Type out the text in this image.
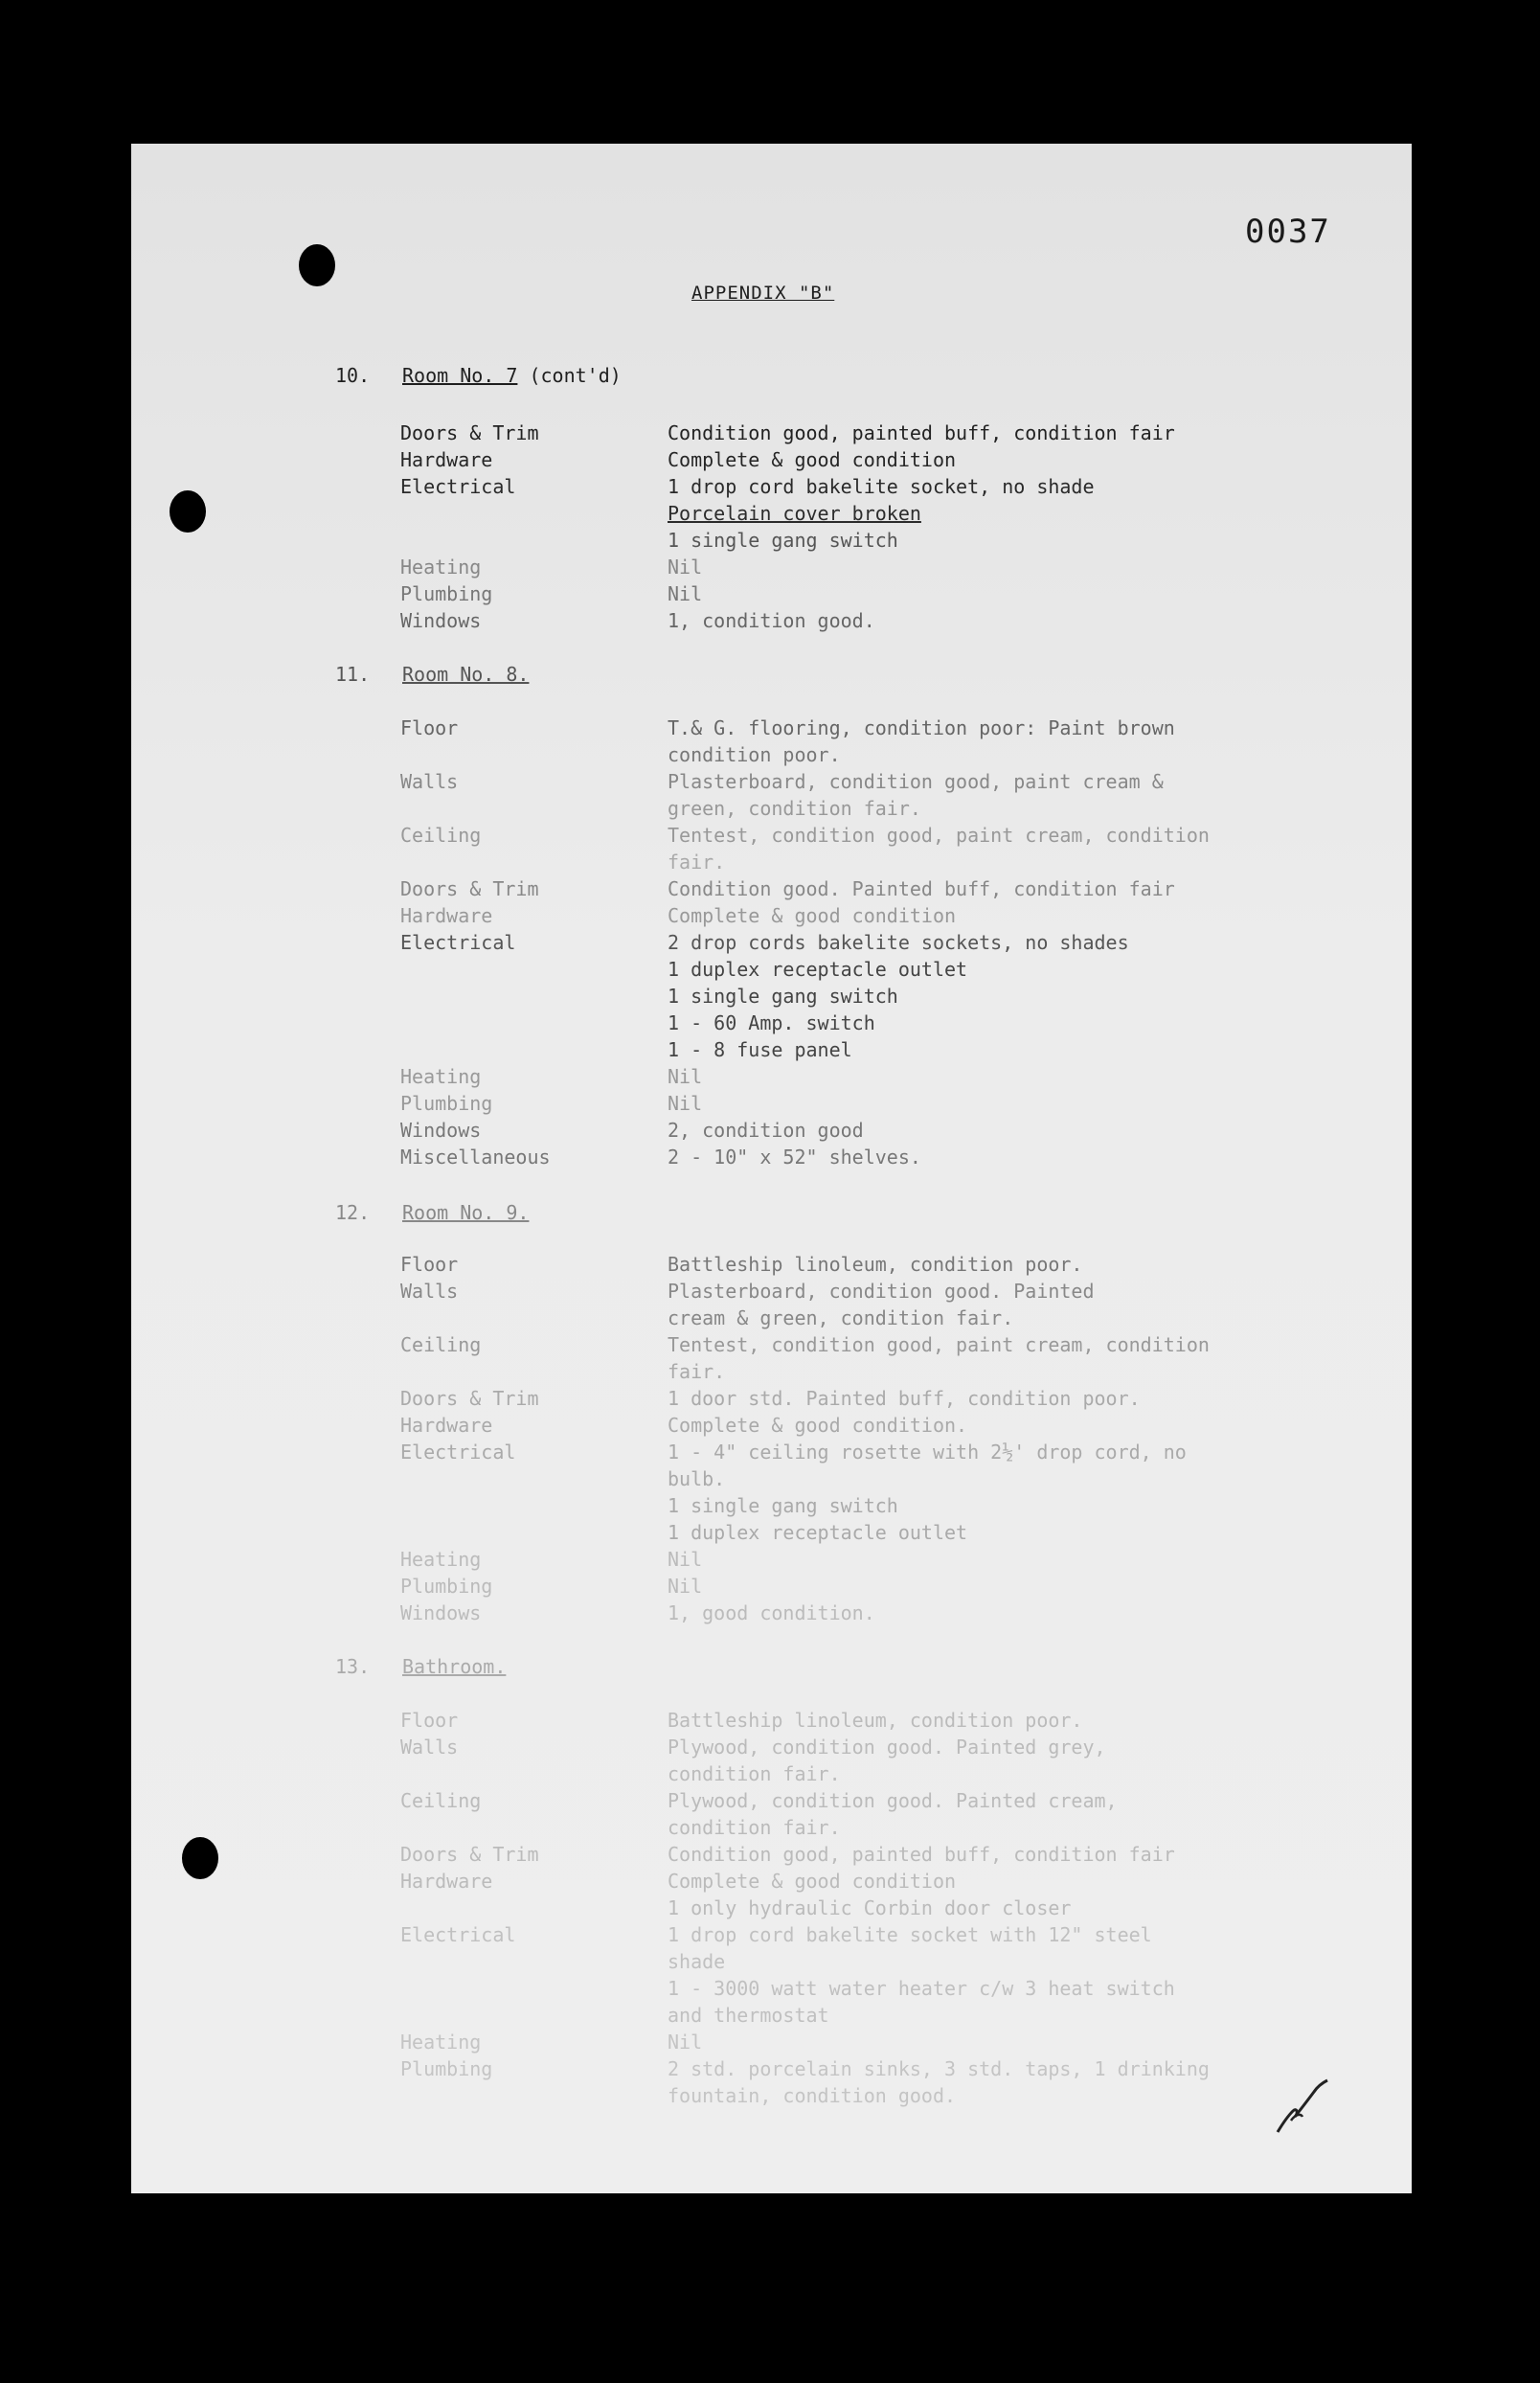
0037
APPENDIX "B"
10. Room No. 7 (cont'd)
Doors & Trim	Condition good, painted buff, condition fair
Hardware	Complete & good condition
Electrical	1 drop cord bakelite socket, no shade
Porcelain cover broken
1 single gang switch
Heating	Nil
Plumbing	Nil
Windows	1, condition good.
11. Room No. 8.
Floor	T.& G. flooring, condition poor: Paint brown
condition poor.
Walls	Plasterboard, condition good, paint cream &
green, condition fair.
Ceiling	Tentest, condition good, paint cream, condition
fair.
Doors & Trim	Condition good. Painted buff, condition fair
Hardware	Complete & good condition
Electrical	2 drop cords bakelite sockets, no shades
1 duplex receptacle outlet
1 single gang switch
1 - 60 Amp. switch
1 - 8 fuse panel
Heating	Nil
Plumbing	Nil
Windows	2, condition good
Miscellaneous	2 - 10" x 52" shelves.
12. Room No. 9.
Floor	Battleship linoleum, condition poor.
Walls	Plasterboard, condition good. Painted
cream & green, condition fair.
Ceiling	Tentest, condition good, paint cream, condition
fair.
Doors & Trim	1 door std. Painted buff, condition poor.
Hardware	Complete & good condition.
Electrical	1 - 4" ceiling rosette with 2½' drop cord, no
bulb.
1 single gang switch
1 duplex receptacle outlet
Heating	Nil
Plumbing	Nil
Windows	1, good condition.
13. Bathroom.
Floor	Battleship linoleum, condition poor.
Walls	Plywood, condition good. Painted grey,
condition fair.
Ceiling	Plywood, condition good. Painted cream,
condition fair.
Doors & Trim	Condition good, painted buff, condition fair
Hardware	Complete & good condition
1 only hydraulic Corbin door closer
Electrical	1 drop cord bakelite socket with 12" steel
shade
1 - 3000 watt water heater c/w 3 heat switch
and thermostat
Heating	Nil
Plumbing	2 std. porcelain sinks, 3 std. taps, 1 drinking
fountain, condition good.
